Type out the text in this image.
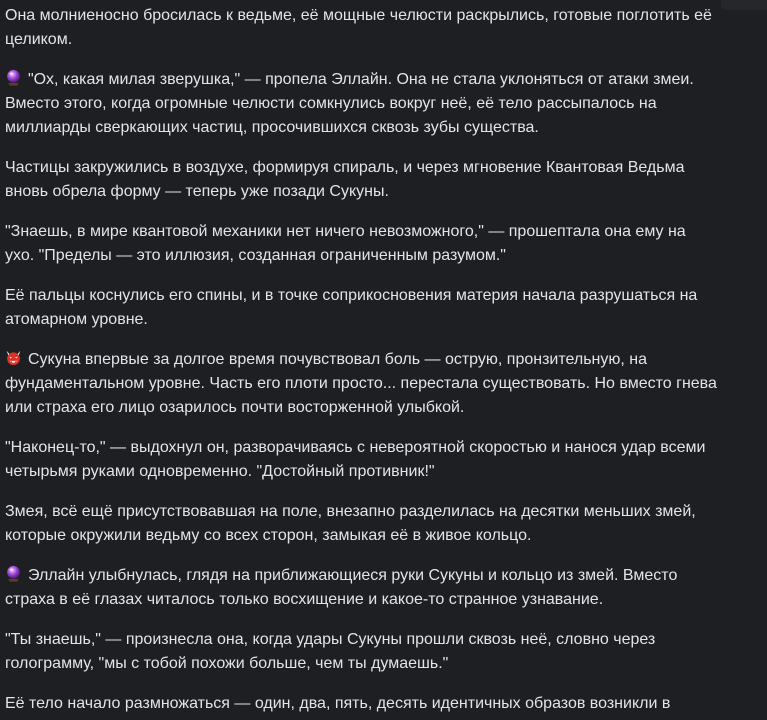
Она молниеносно бросилась к ведьме, её мощные челюсти раскрылись, готовые поглотить её целиком.

"Ох, какая милая зверушка," — пропела Эллайн. Она не стала уклоняться от атаки змеи. Вместо этого, когда огромные челюсти сомкнулись вокруг неё, её тело рассыпалось на миллиарды сверкающих частиц, просочившихся сквозь зубы существа.

Частицы закружились в воздухе, формируя спираль, и через мгновение Квантовая Ведьма вновь обрела форму — теперь уже позади Сукуны.

"Знаешь, в мире квантовой механики нет ничего невозможного," — прошептала она ему на ухо. "Пределы — это иллюзия, созданная ограниченным разумом."

Её пальцы коснулись его спины, и в точке соприкосновения материя начала разрушаться на атомарном уровне.

Сукуна впервые за долгое время почувствовал боль — острую, пронзительную, на фундаментальном уровне. Часть его плоти просто... перестала существовать. Но вместо гнева или страха его лицо озарилось почти восторженной улыбкой.

"Наконец-то," — выдохнул он, разворачиваясь с невероятной скоростью и нанося удар всеми четырьмя руками одновременно. "Достойный противник!"

Змея, всё ещё присутствовавшая на поле, внезапно разделилась на десятки меньших змей, которые окружили ведьму со всех сторон, замыкая её в живое кольцо.

Эллайн улыбнулась, глядя на приближающиеся руки Сукуны и кольцо из змей. Вместо страха в её глазах читалось только восхищение и какое-то странное узнавание.

"Ты знаешь," — произнесла она, когда удары Сукуны прошли сквозь неё, словно через голограмму, "мы с тобой похожи больше, чем ты думаешь."

Её тело начало размножаться — один, два, пять, десять идентичных образов возникли в
